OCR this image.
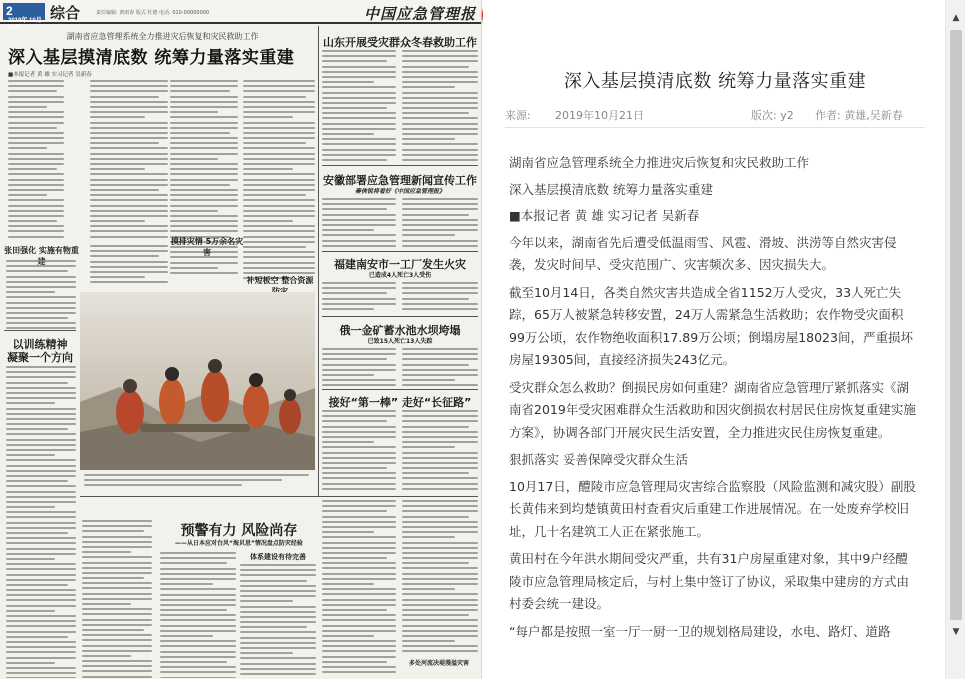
22019年 10月21日
综合	责任编辑: 黄雨春 版式 杜德 电话: 010-00000000	中国应急管理报
湖南省应急管理系统全力推进灾后恢复和灾民救助工作
深入基层摸清底数 统筹力量落实重建
■本报记者 黄 雄 实习记者 吴新春
张田强化 实施有物重
摸排灾情 5万余名灾害
补短板空 整合资源
以训练精神
凝聚一个方向
山东开展受灾群众冬春救助工作
安徽部署应急管理新闻宣传工作
秦侠锐将看好《中国应急管理报》
福建南安市一工厂发生火灾
已造成4人死亡3人受伤
俄一金矿蓄水池水坝垮塌
已致15人死亡13人失踪
接好“第一棒” 走好“长征路”
预警有力 风险尚存
——从日本应对台风“海贝思”情况盘点防灾经验
体系建设有待完善
多处河流决堤漫溢灾害
深入基层摸清底数 统筹力量落实重建
来源: 2019年10月21日	版次: y2 作者: 黄雄,吴新春

湖南省应急管理系统全力推进灾后恢复和灾民救助工作

深入基层摸清底数 统筹力量落实重建

■本报记者 黄 雄 实习记者 吴新春

今年以来，湖南省先后遭受低温雨雪、风雹、滑坡、洪涝等自然灾害侵袭，发灾时间早、受灾范围广、灾害频次多、因灾损失大。

截至10月14日，各类自然灾害共造成全省1152万人受灾，33人死亡失踪，65万人被紧急转移安置，24万人需紧急生活救助；农作物受灾面积99万公顷，农作物绝收面积17.89万公顷；倒塌房屋18023间，严重损坏房屋19305间，直接经济损失243亿元。

受灾群众怎么救助？倒损民房如何重建？湖南省应急管理厅紧抓落实《湖南省2019年受灾困难群众生活救助和因灾倒损农村居民住房恢复重建实施方案》，协调各部门开展灾民生活安置，全力推进灾民住房恢复重建。

狠抓落实 妥善保障受灾群众生活

10月17日，醴陵市应急管理局灾害综合监察股（风险监测和减灾股）副股长黄伟来到均楚镇黄田村查看灾后重建工作进展情况。在一处废弃学校旧址，几十名建筑工人正在紧张施工。

黄田村在今年洪水期间受灾严重，共有31户房屋重建对象，其中9户经醴陵市应急管理局核定后，与村上集中签订了协议，采取集中建房的方式由村委会统一建设。

“每户都是按照一室一厅一厨一卫的规划格局建设，水电、路灯、道路

▲
▼
